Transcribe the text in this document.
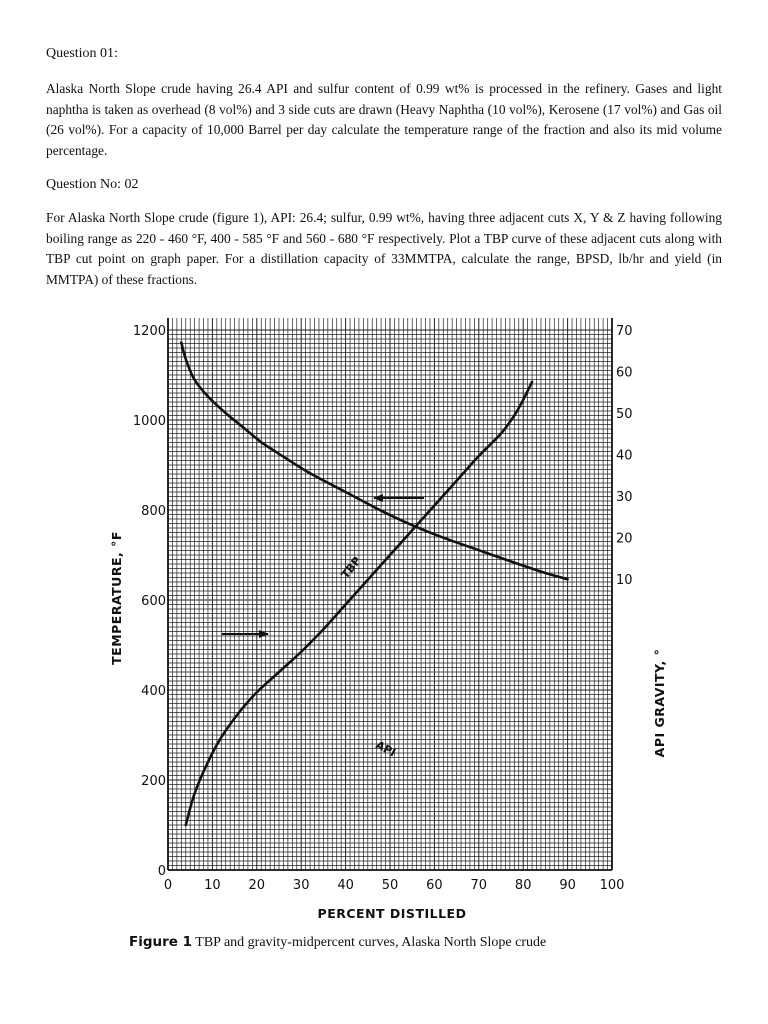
Question 01:

Alaska North Slope crude having 26.4 API and sulfur content of 0.99 wt% is processed in the refinery. Gases and light naphtha is taken as overhead (8 vol%) and 3 side cuts are drawn (Heavy Naphtha (10 vol%), Kerosene (17 vol%) and Gas oil (26 vol%). For a capacity of 10,000 Barrel per day calculate the temperature range of the fraction and also its mid volume percentage.

Question No: 02

For Alaska North Slope crude (figure 1), API: 26.4; sulfur, 0.99 wt%, having three adjacent cuts X, Y & Z having following boiling range as 220 - 460 °F, 400 - 585 °F and 560 - 680 °F respectively. Plot a TBP curve of these adjacent cuts along with TBP cut point on graph paper. For a distillation capacity of 33MMTPA, calculate the range, BPSD, lb/hr and yield (in MMTPA) of these fractions.

0
200
400
600
800
1000
1200
10
20
30
40
50
60
70
0 10 20 30 40 50 60 70 80 90 100
PERCENT DISTILLED
TEMPERATURE, °F
API GRAVITY, °
TBP
API
Figure 1 TBP and gravity-midpercent curves, Alaska North Slope crude
